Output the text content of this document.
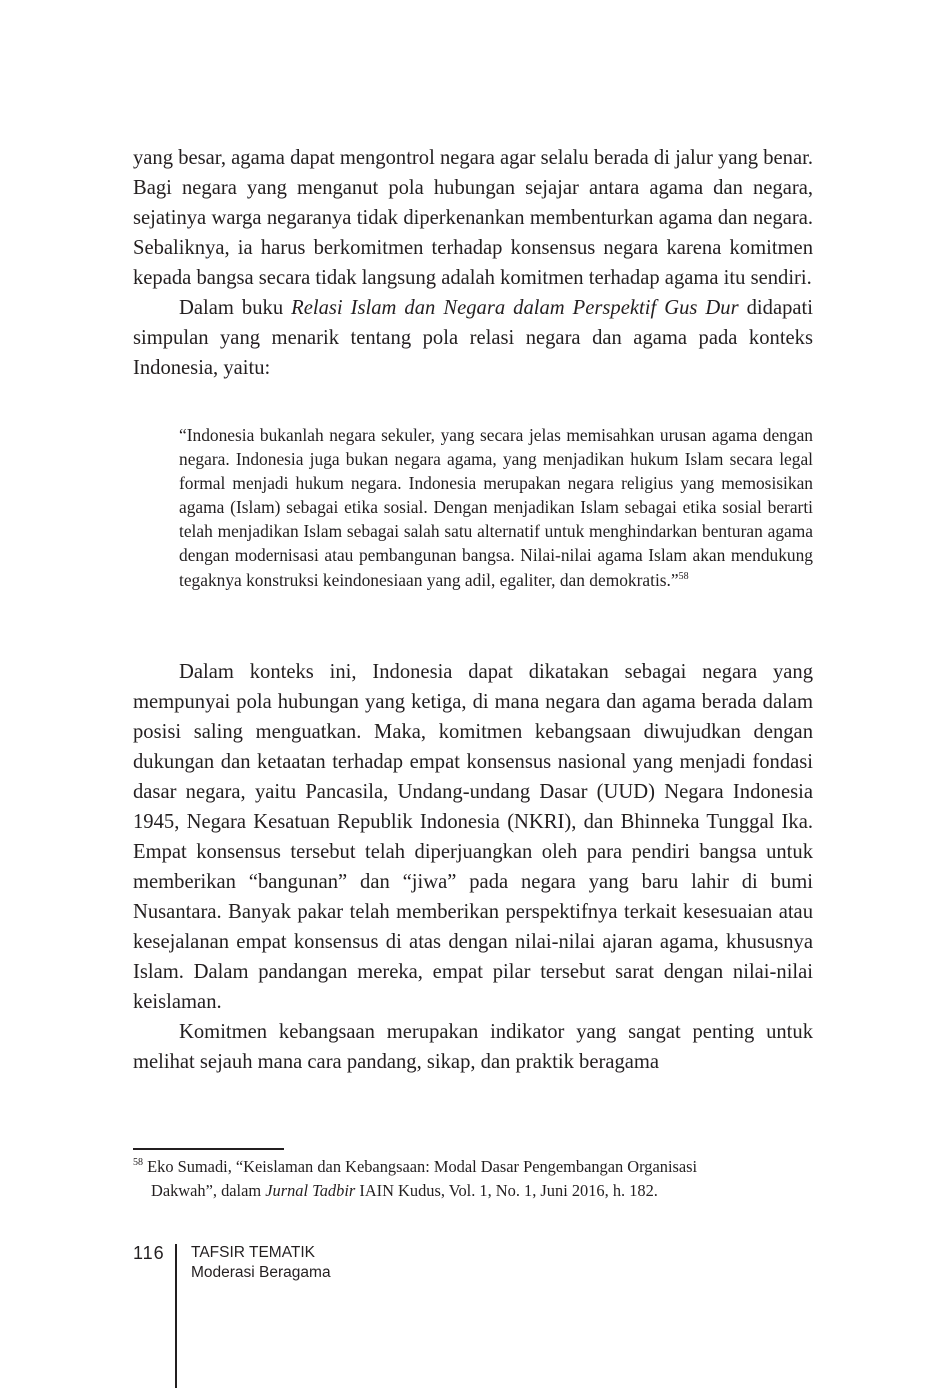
yang besar, agama dapat mengontrol negara agar selalu berada di jalur yang benar. Bagi negara yang menganut pola hubungan sejajar antara agama dan negara, sejatinya warga negaranya tidak diperkenankan membenturkan agama dan negara. Sebaliknya, ia harus berkomitmen terhadap konsensus negara karena komitmen kepada bangsa secara tidak langsung adalah komitmen terhadap agama itu sendiri.

Dalam buku Relasi Islam dan Negara dalam Perspektif Gus Dur didapati simpulan yang menarik tentang pola relasi negara dan agama pada konteks Indonesia, yaitu:

“Indonesia bukanlah negara sekuler, yang secara jelas memisahkan urusan agama dengan negara. Indonesia juga bukan negara agama, yang menjadikan hukum Islam secara legal formal menjadi hukum negara. Indonesia merupakan negara religius yang memosisikan agama (Islam) sebagai etika sosial. Dengan menjadikan Islam sebagai etika sosial berarti telah menjadikan Islam sebagai salah satu alternatif untuk menghindarkan benturan agama dengan modernisasi atau pembangunan bangsa. Nilai-nilai agama Islam akan mendukung tegaknya konstruksi keindonesiaan yang adil, egaliter, dan demokratis.”$^{58}$

Dalam konteks ini, Indonesia dapat dikatakan sebagai negara yang mempunyai pola hubungan yang ketiga, di mana negara dan agama berada dalam posisi saling menguatkan. Maka, komitmen kebangsaan diwujudkan dengan dukungan dan ketaatan terhadap empat konsensus nasional yang menjadi fondasi dasar negara, yaitu Pancasila, Undang-undang Dasar (UUD) Negara Indonesia 1945, Negara Kesatuan Republik Indonesia (NKRI), dan Bhinneka Tunggal Ika. Empat konsensus tersebut telah diperjuangkan oleh para pendiri bangsa untuk memberikan “bangunan” dan “jiwa” pada negara yang baru lahir di bumi Nusantara. Banyak pakar telah memberikan perspektifnya terkait kesesuaian atau kesejalanan empat konsensus di atas dengan nilai-nilai ajaran agama, khususnya Islam. Dalam pandangan mereka, empat pilar tersebut sarat dengan nilai-nilai keislaman.

Komitmen kebangsaan merupakan indikator yang sangat penting untuk melihat sejauh mana cara pandang, sikap, dan praktik beragama

$^{58}$ Eko Sumadi, “Keislaman dan Kebangsaan: Modal Dasar Pengembangan Organisasi
Dakwah”, dalam Jurnal Tadbir IAIN Kudus, Vol. 1, No. 1, Juni 2016, h. 182.

116 TAFSIR TEMATIK
Moderasi Beragama
